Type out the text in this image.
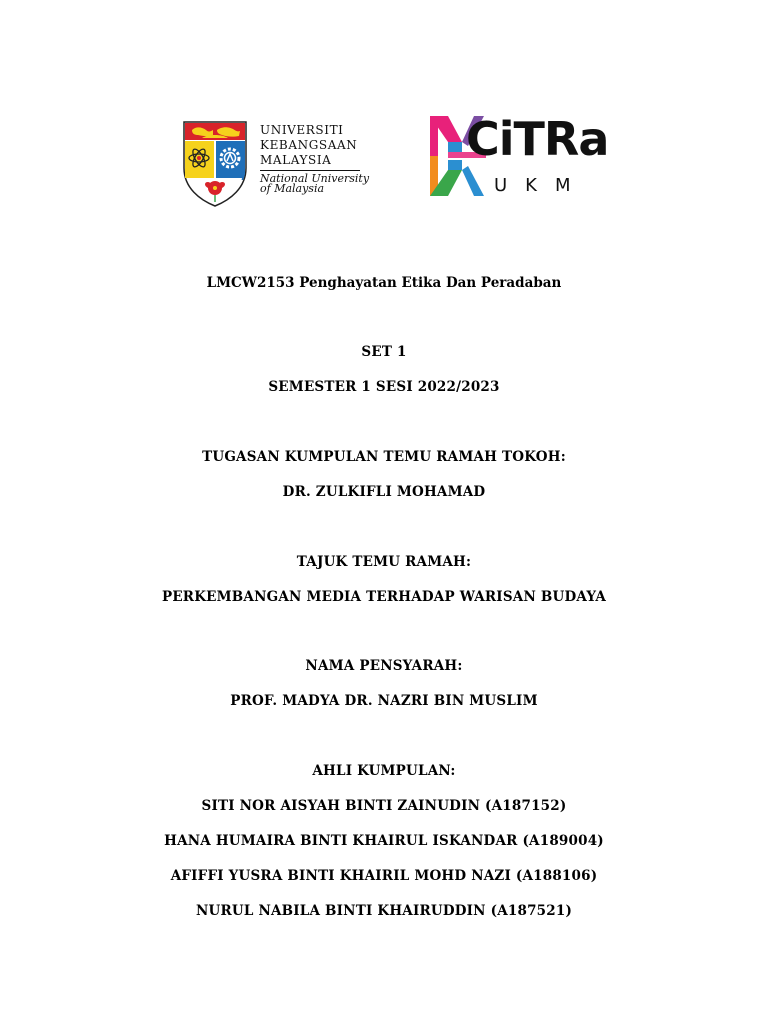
UNIVERSITI
KEBANGSAAN
MALAYSIA
National University
of Malaysia
CiTRa
UKM
LMCW2153 Penghayatan Etika Dan Peradaban
SET 1
SEMESTER 1 SESI 2022/2023
TUGASAN KUMPULAN TEMU RAMAH TOKOH:
DR. ZULKIFLI MOHAMAD
TAJUK TEMU RAMAH:
PERKEMBANGAN MEDIA TERHADAP WARISAN BUDAYA
NAMA PENSYARAH:
PROF. MADYA DR. NAZRI BIN MUSLIM
AHLI KUMPULAN:
SITI NOR AISYAH BINTI ZAINUDIN (A187152)
HANA HUMAIRA BINTI KHAIRUL ISKANDAR (A189004)
AFIFFI YUSRA BINTI KHAIRIL MOHD NAZI (A188106)
NURUL NABILA BINTI KHAIRUDDIN (A187521)
